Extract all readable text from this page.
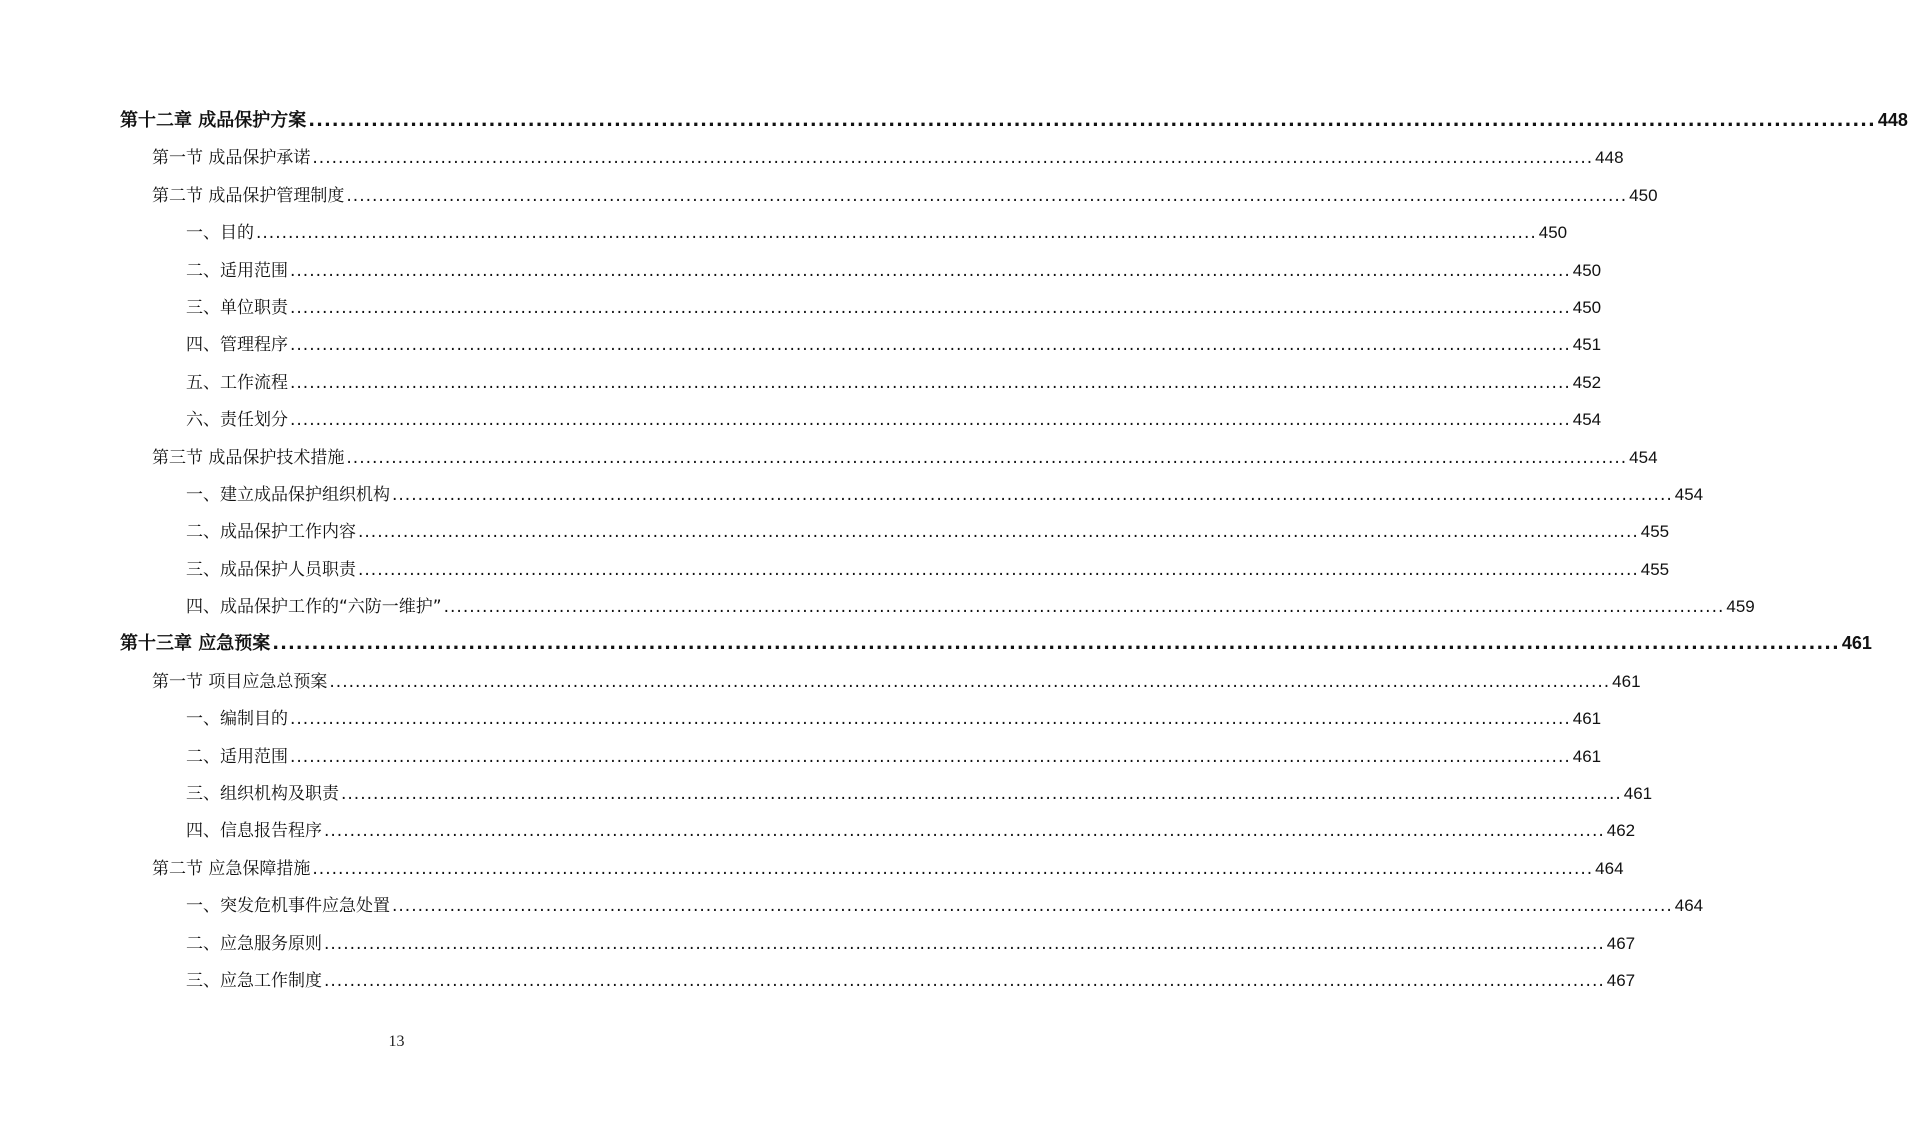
第十二章 成品保护方案 ........................................................................................................................................................................................................ 448
第一节 成品保护承诺 ........................................................................................................................................................................................................ 448
第二节 成品保护管理制度 ........................................................................................................................................................................................................ 450
一、目的 ........................................................................................................................................................................................................ 450
二、适用范围 ........................................................................................................................................................................................................ 450
三、单位职责 ........................................................................................................................................................................................................ 450
四、管理程序 ........................................................................................................................................................................................................ 451
五、工作流程 ........................................................................................................................................................................................................ 452
六、责任划分 ........................................................................................................................................................................................................ 454
第三节 成品保护技术措施 ........................................................................................................................................................................................................ 454
一、建立成品保护组织机构 ........................................................................................................................................................................................................ 454
二、成品保护工作内容 ........................................................................................................................................................................................................ 455
三、成品保护人员职责 ........................................................................................................................................................................................................ 455
四、成品保护工作的“六防一维护” ........................................................................................................................................................................................................ 459
第十三章 应急预案 ........................................................................................................................................................................................................ 461
第一节 项目应急总预案 ........................................................................................................................................................................................................ 461
一、编制目的 ........................................................................................................................................................................................................ 461
二、适用范围 ........................................................................................................................................................................................................ 461
三、组织机构及职责 ........................................................................................................................................................................................................ 461
四、信息报告程序 ........................................................................................................................................................................................................ 462
第二节 应急保障措施 ........................................................................................................................................................................................................ 464
一、突发危机事件应急处置 ........................................................................................................................................................................................................ 464
二、应急服务原则 ........................................................................................................................................................................................................ 467
三、应急工作制度 ........................................................................................................................................................................................................ 467
13
